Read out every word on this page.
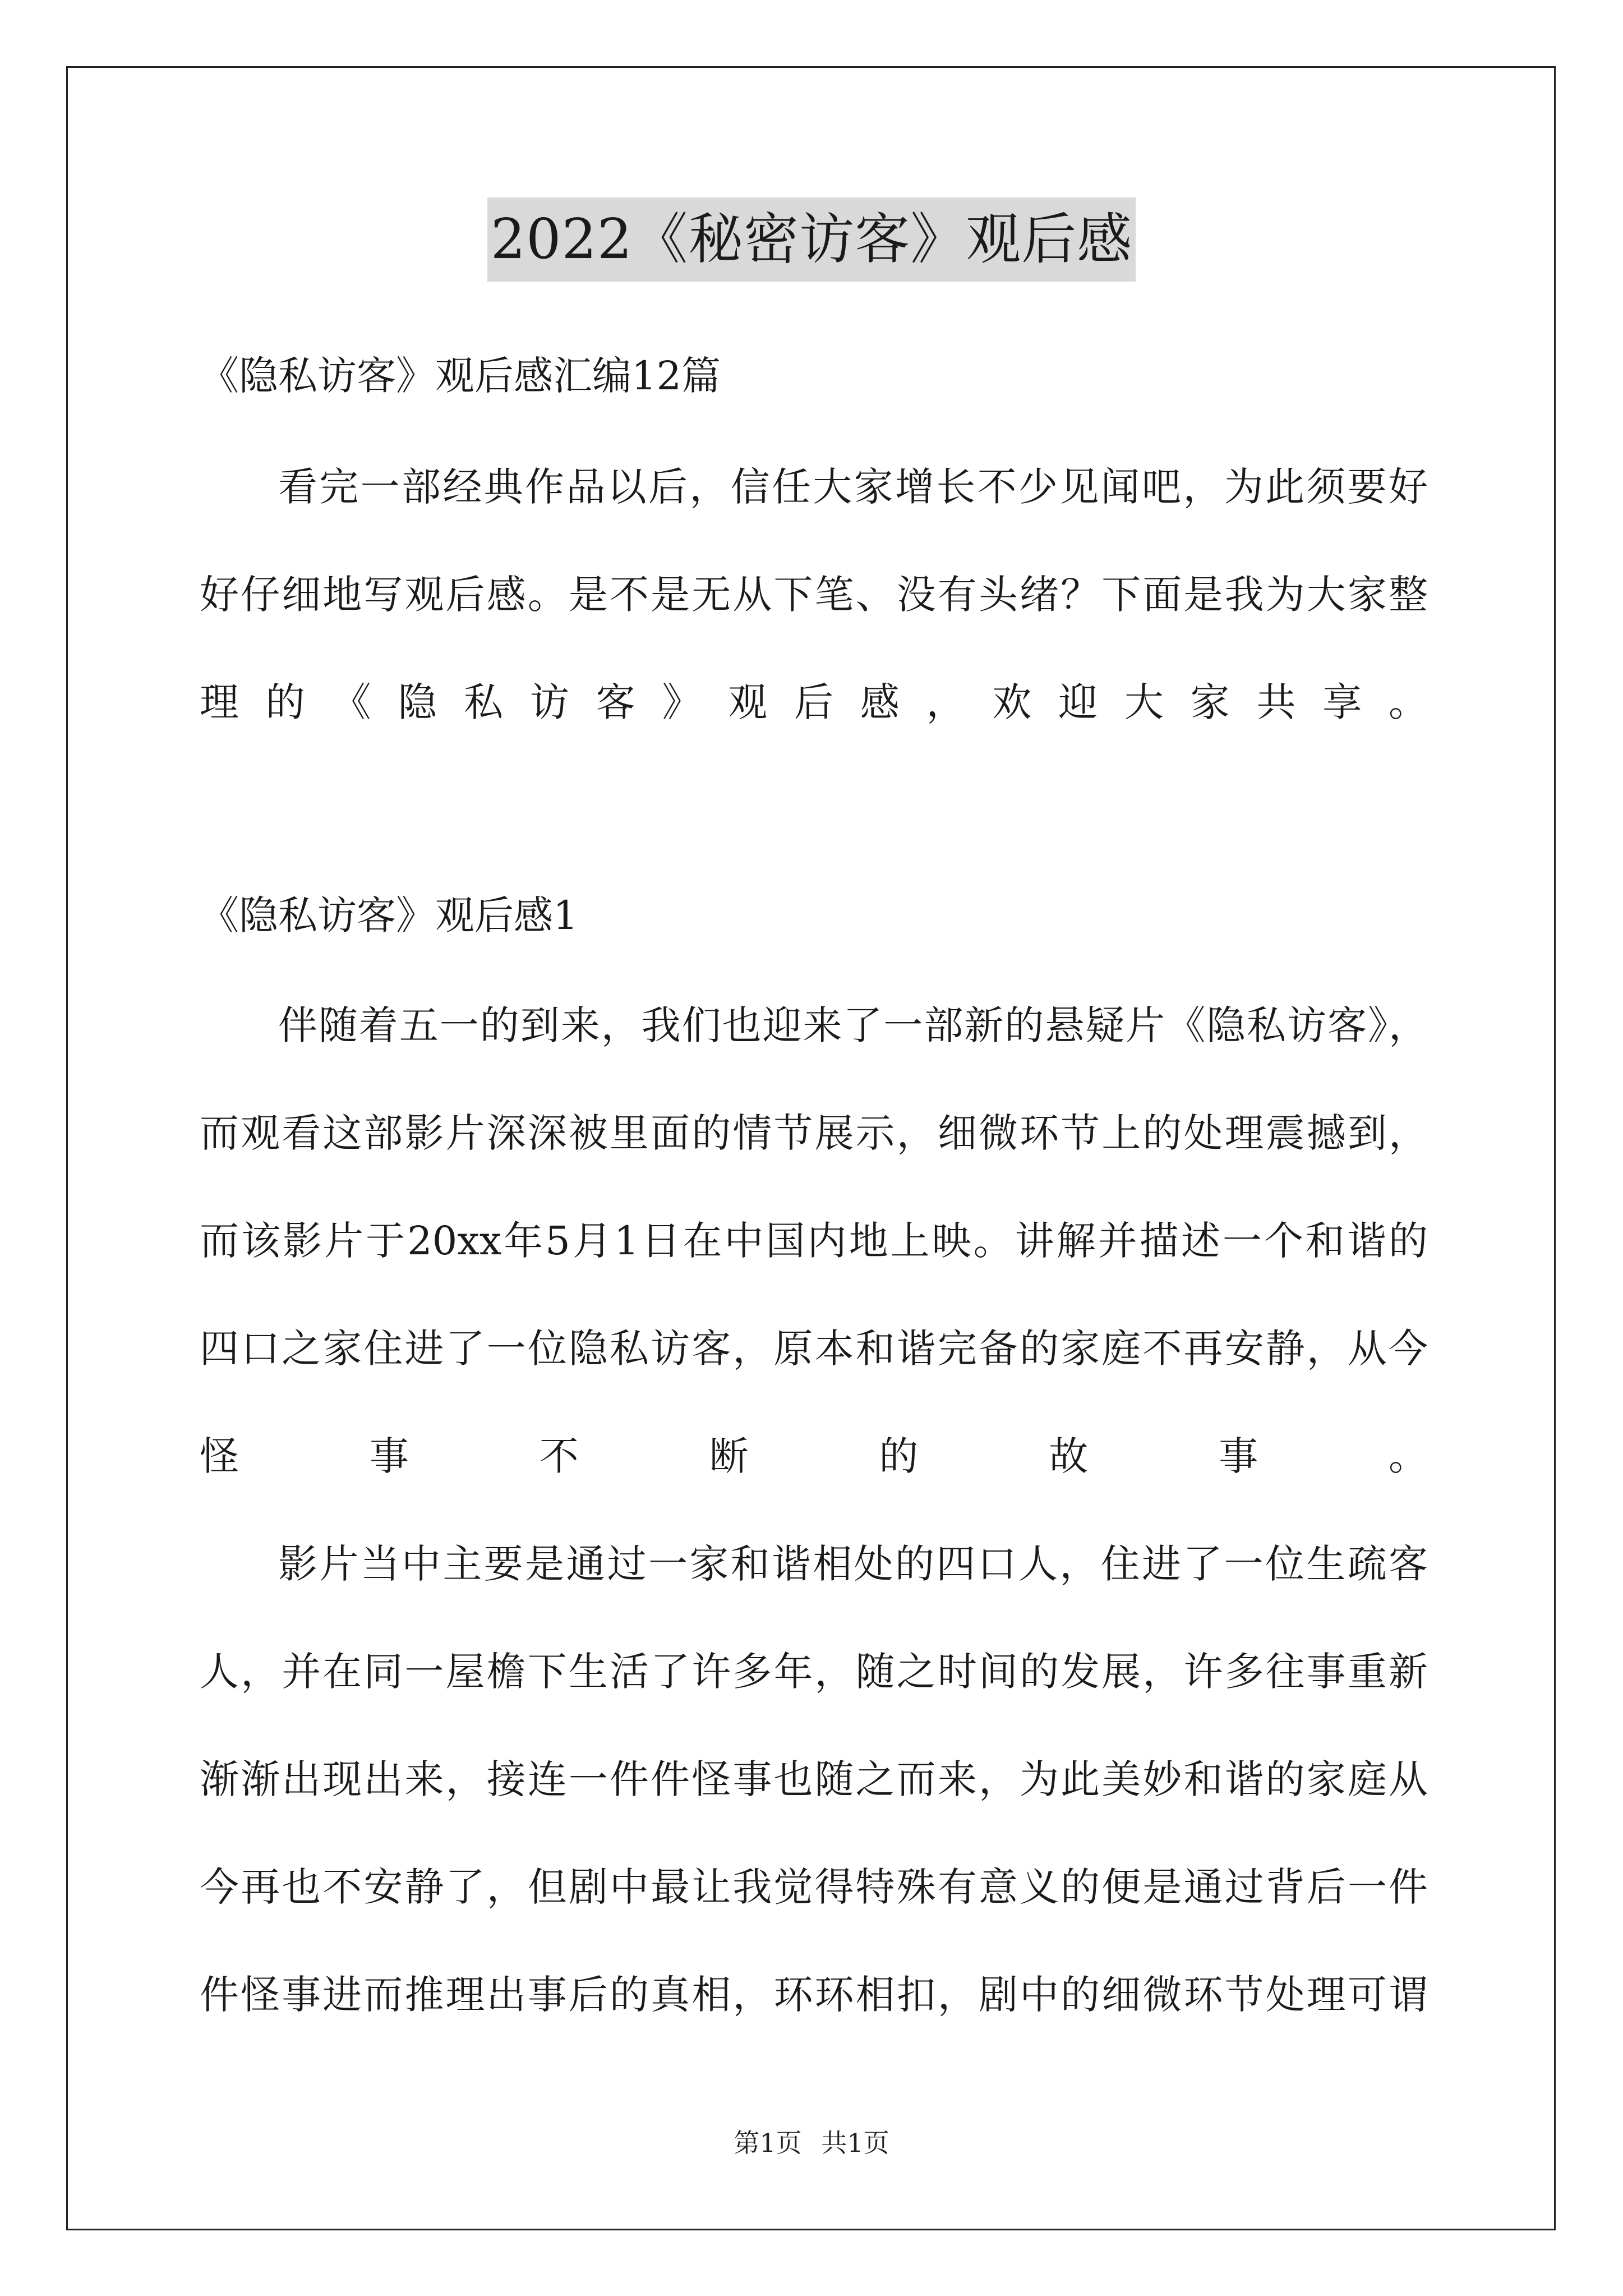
2022《秘密访客》观后感
《隐私访客》观后感汇编12篇
看完一部经典作品以后，信任大家增长不少见闻吧，为此须要好
好仔细地写观后感。是不是无从下笔、没有头绪？下面是我为大家整
理的《隐私访客》观后感，欢迎大家共享。
《隐私访客》观后感1
伴随着五一的到来，我们也迎来了一部新的悬疑片《隐私访客》，
而观看这部影片深深被里面的情节展示，细微环节上的处理震撼到，
而该影片于20xx年5月1日在中国内地上映。讲解并描述一个和谐的
四口之家住进了一位隐私访客，原本和谐完备的家庭不再安静，从今
怪事不断的故事。
影片当中主要是通过一家和谐相处的四口人，住进了一位生疏客
人，并在同一屋檐下生活了许多年，随之时间的发展，许多往事重新
渐渐出现出来，接连一件件怪事也随之而来，为此美妙和谐的家庭从
今再也不安静了，但剧中最让我觉得特殊有意义的便是通过背后一件
件怪事进而推理出事后的真相，环环相扣，剧中的细微环节处理可谓
第1页 共1页
